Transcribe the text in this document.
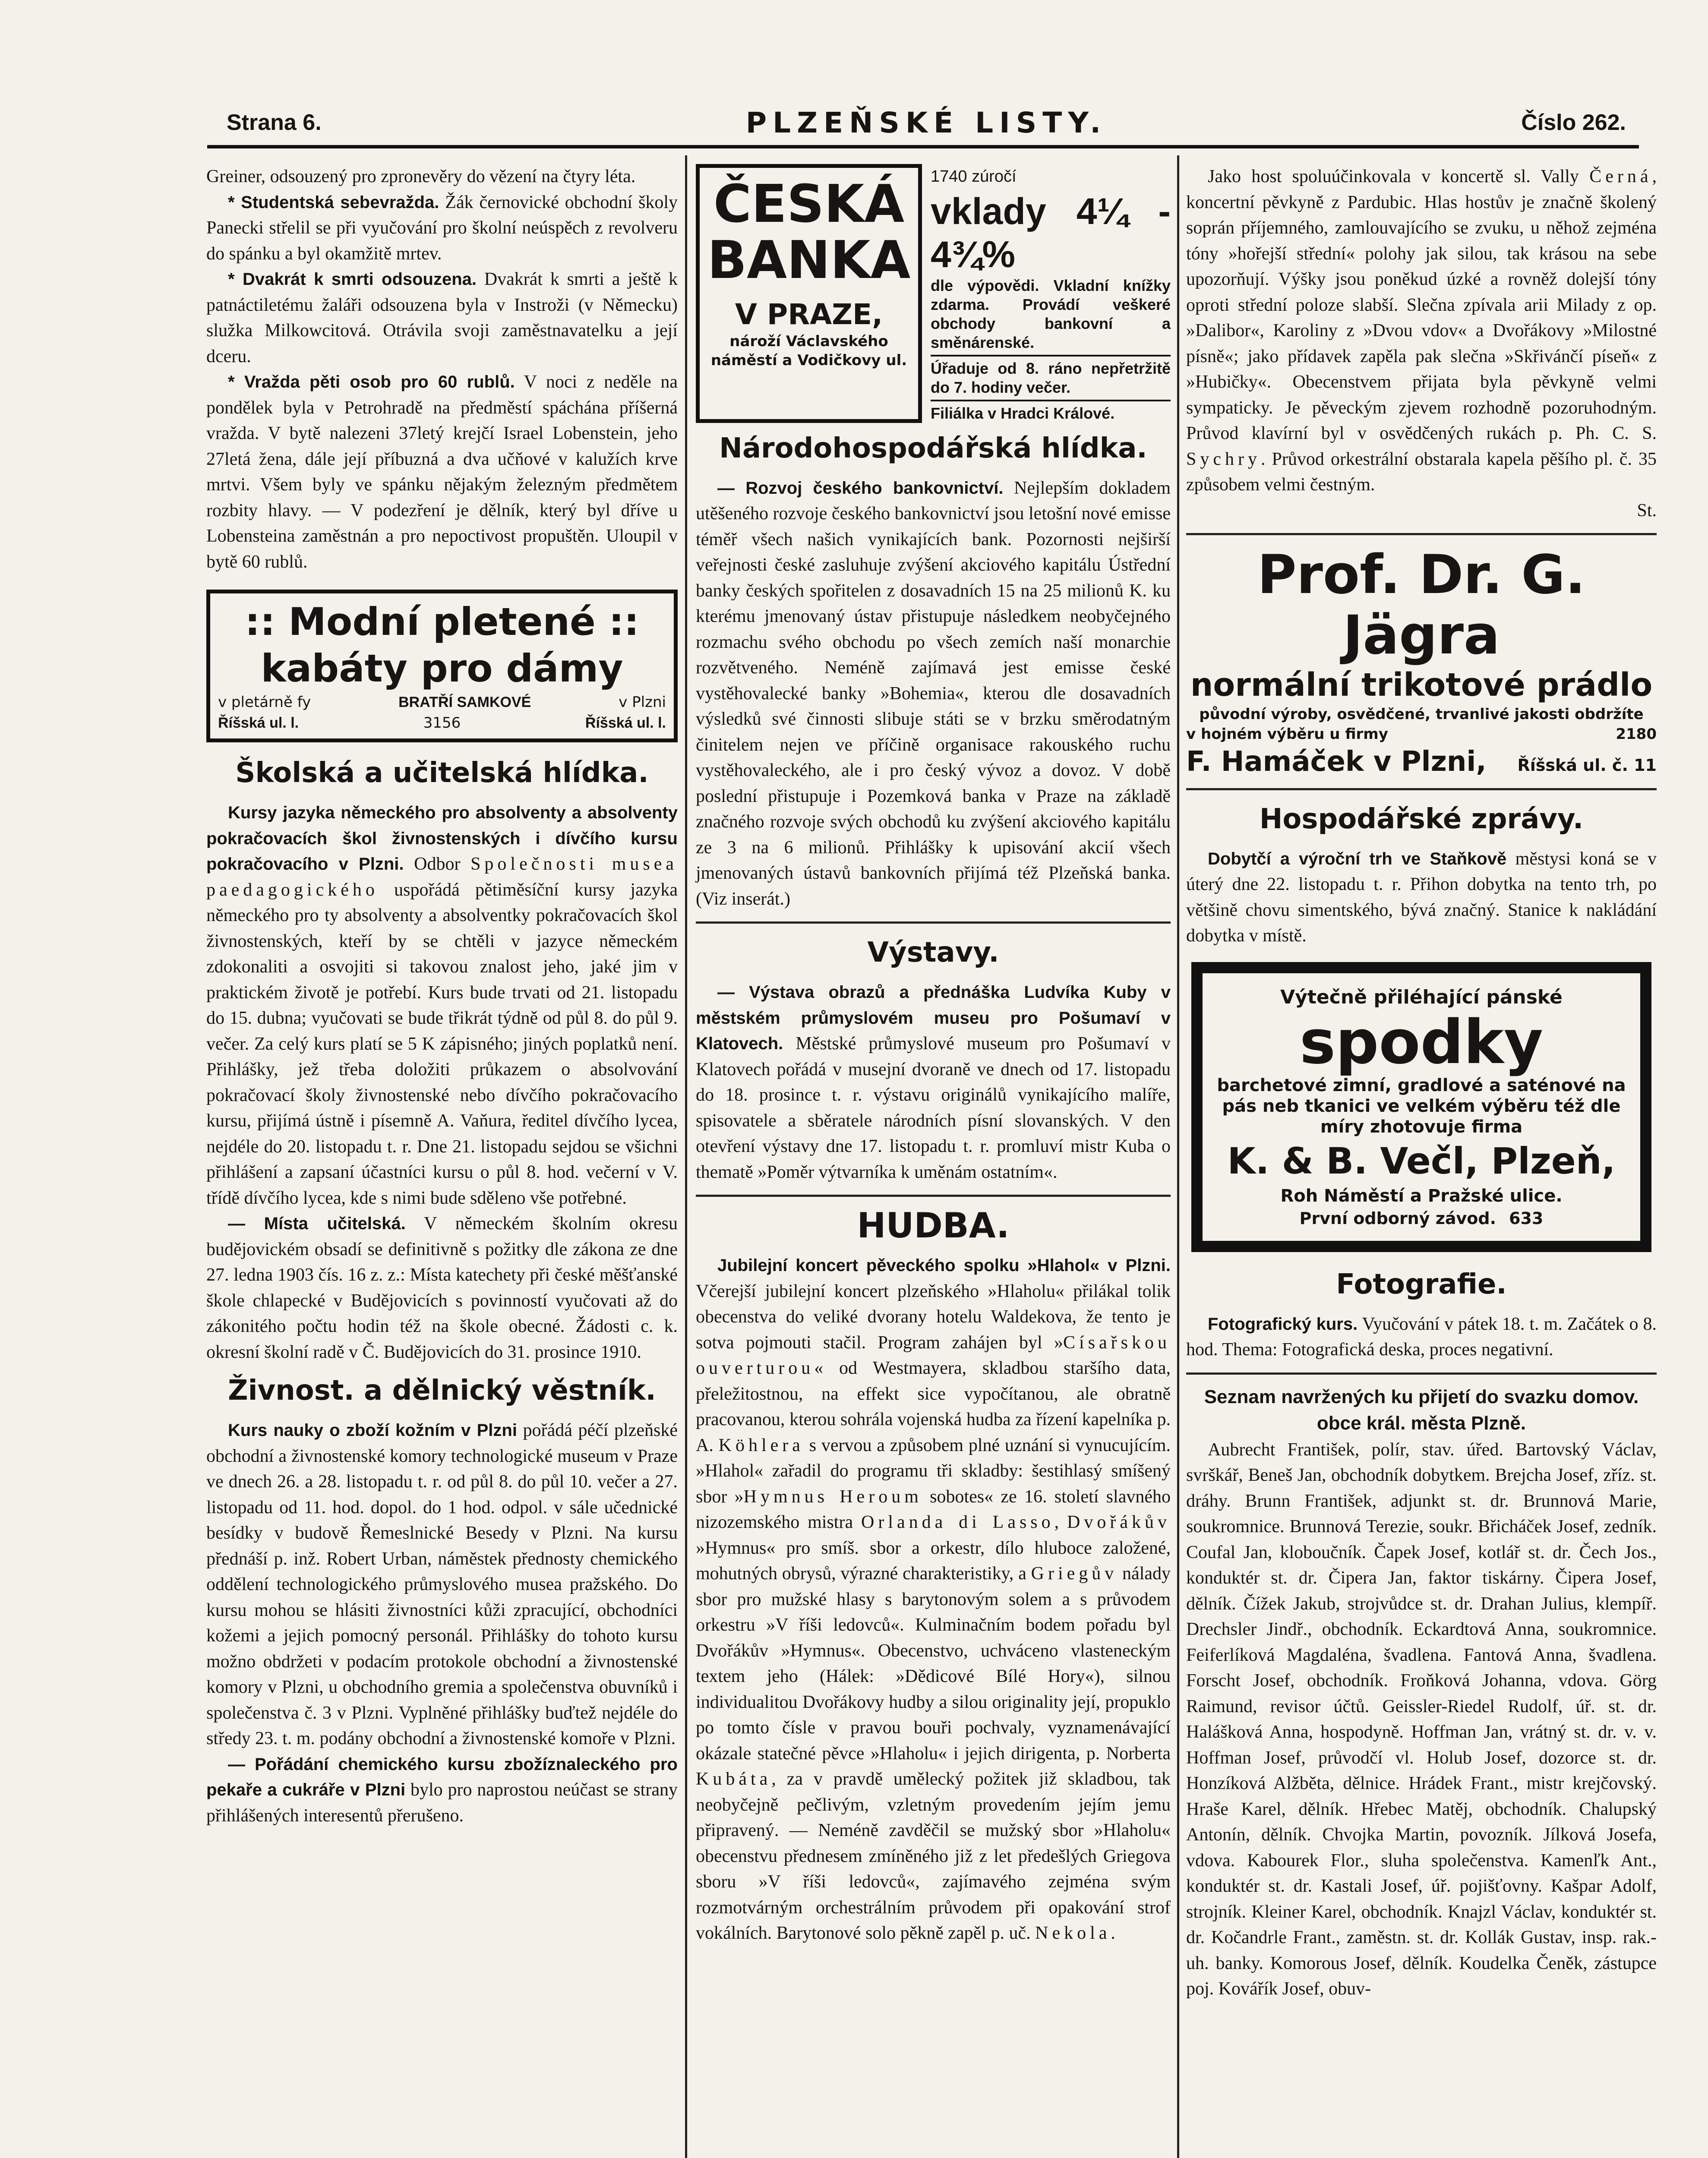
Strana 6.	PLZEŇSKÉ LISTY.	Číslo 262.

Greiner, odsouzený pro zpronevěry do vězení na čtyry léta.

* Studentská sebevražda. Žák černovické obchodní školy Panecki střelil se při vyučování pro školní neúspěch z revolveru do spánku a byl okamžitě mrtev.

* Dvakrát k smrti odsouzena. Dvakrát k smrti a ještě k patnáctiletému žaláři odsouzena byla v Instroži (v Německu) služka Milkowcitová. Otrávila svoji zaměstnavatelku a její dceru.

* Vražda pěti osob pro 60 rublů. V noci z neděle na pondělek byla v Petrohradě na předměstí spáchána příšerná vražda. V bytě nalezeni 37letý krejčí Israel Lobenstein, jeho 27letá žena, dále její příbuzná a dva učňové v kalužích krve mrtvi. Všem byly ve spánku nějakým železným předmětem rozbity hlavy. — V podezření je dělník, který byl dříve u Lobensteina zaměstnán a pro nepoctivost propuštěn. Uloupil v bytě 60 rublů.

:: Modní pletené ::
kabáty pro dámy
v pletárně fy	BRATŘÍ SAMKOVÉ	v Plzni
Říšská ul. l.	3156	Říšská ul. l.
Školská a učitelská hlídka.

Kursy jazyka německého pro absolventy a absolventy pokračovacích škol živnostenských i dívčího kursu pokračovacího v Plzni. Odbor Společnosti musea paedagogického uspořádá pětiměsíční kursy jazyka německého pro ty absolventy a absolventky pokračovacích škol živnostenských, kteří by se chtěli v jazyce německém zdokonaliti a osvojiti si takovou znalost jeho, jaké jim v praktickém životě je potřebí. Kurs bude trvati od 21. listopadu do 15. dubna; vyučovati se bude třikrát týdně od půl 8. do půl 9. večer. Za celý kurs platí se 5 K zápisného; jiných poplatků není. Přihlášky, jež třeba doložiti průkazem o absolvování pokračovací školy živnostenské nebo dívčího pokračovacího kursu, přijímá ústně i písemně A. Vaňura, ředitel dívčího lycea, nejdéle do 20. listopadu t. r. Dne 21. listopadu sejdou se všichni přihlášení a zapsaní účastníci kursu o půl 8. hod. večerní v V. třídě dívčího lycea, kde s nimi bude sděleno vše potřebné.

— Místa učitelská. V německém školním okresu budějovickém obsadí se definitivně s požitky dle zákona ze dne 27. ledna 1903 čís. 16 z. z.: Místa katechety při české měšťanské škole chlapecké v Budějovicích s povinností vyučovati až do zákonitého počtu hodin též na škole obecné. Žádosti c. k. okresní školní radě v Č. Budějovicích do 31. prosince 1910.

Živnost. a dělnický věstník.

Kurs nauky o zboží kožním v Plzni pořádá péčí plzeňské obchodní a živnostenské komory technologické museum v Praze ve dnech 26. a 28. listopadu t. r. od půl 8. do půl 10. večer a 27. listopadu od 11. hod. dopol. do 1 hod. odpol. v sále učednické besídky v budově Řemeslnické Besedy v Plzni. Na kursu přednáší p. inž. Robert Urban, náměstek přednosty chemického oddělení technologického průmyslového musea pražského. Do kursu mohou se hlásiti živnostníci kůži zpracující, obchodníci kožemi a jejich pomocný personál. Přihlášky do tohoto kursu možno obdržeti v podacím protokole obchodní a živnostenské komory v Plzni, u obchodního gremia a společenstva obuvníků i společenstva č. 3 v Plzni. Vyplněné přihlášky buďtež nejdéle do středy 23. t. m. podány obchodní a živnostenské komoře v Plzni.

— Pořádání chemického kursu zbožíznaleckého pro pekaře a cukráře v Plzni bylo pro naprostou neúčast se strany přihlášených interesentů přerušeno.

ČESKÁ
BANKA
V PRAZE,
nároží Václavského náměstí a Vodičkovy ul.
1740 zúročí
vklady 4¼ - 4¾%
dle výpovědi. Vkladní knížky zdarma. Provádí veškeré obchody bankovní a směnárenské.
Úřaduje od 8. ráno nepřetržitě do 7. hodiny večer.
Filiálka v Hradci Králové.
Národohospodářská hlídka.

— Rozvoj českého bankovnictví. Nejlepším dokladem utěšeného rozvoje českého bankovnictví jsou letošní nové emisse téměř všech našich vynikajících bank. Pozornosti nejširší veřejnosti české zasluhuje zvýšení akciového kapitálu Ústřední banky českých spořitelen z dosavadních 15 na 25 milionů K. ku kterému jmenovaný ústav přistupuje následkem neobyčejného rozmachu svého obchodu po všech zemích naší monarchie rozvětveného. Neméně zajímavá jest emisse české vystěhovalecké banky »Bohemia«, kterou dle dosavadních výsledků své činnosti slibuje státi se v brzku směrodatným činitelem nejen ve příčině organisace rakouského ruchu vystěhovaleckého, ale i pro český vývoz a dovoz. V době poslední přistupuje i Pozemková banka v Praze na základě značného rozvoje svých obchodů ku zvýšení akciového kapitálu ze 3 na 6 milionů. Přihlášky k upisování akcií všech jmenovaných ústavů bankovních přijímá též Plzeňská banka. (Viz inserát.)

Výstavy.

— Výstava obrazů a přednáška Ludvíka Kuby v městském průmyslovém museu pro Pošumaví v Klatovech. Městské průmyslové museum pro Pošumaví v Klatovech pořádá v musejní dvoraně ve dnech od 17. listopadu do 18. prosince t. r. výstavu originálů vynikajícího malíře, spisovatele a sběratele národních písní slovanských. V den otevření výstavy dne 17. listopadu t. r. promluví mistr Kuba o thematě »Poměr výtvarníka k uměnám ostatním«.

HUDBA.

Jubilejní koncert pěveckého spolku »Hlahol« v Plzni. Včerejší jubilejní koncert plzeňského »Hlaholu« přilákal tolik obecenstva do veliké dvorany hotelu Waldekova, že tento je sotva pojmouti stačil. Program zahájen byl »Císařskou ouverturou« od Westmayera, skladbou staršího data, přeležitostnou, na effekt sice vypočítanou, ale obratně pracovanou, kterou sohrála vojenská hudba za řízení kapelníka p. A. Köhlera s vervou a způsobem plné uznání si vynucujícím. »Hlahol« zařadil do programu tři skladby: šestihlasý smíšený sbor »Hymnus Heroum sobotes« ze 16. století slavného nizozemského mistra Orlanda di Lasso, Dvořákův »Hymnus« pro smíš. sbor a orkestr, dílo hluboce založené, mohutných obrysů, výrazné charakteristiky, a Griegův nálady sbor pro mužské hlasy s barytonovým solem a s průvodem orkestru »V říši ledovců«. Kulminačním bodem pořadu byl Dvořákův »Hymnus«. Obecenstvo, uchváceno vlasteneckým textem jeho (Hálek: »Dědicové Bílé Hory«), silnou individualitou Dvořákovy hudby a silou originality její, propuklo po tomto čísle v pravou bouři pochvaly, vyznamenávající okázale statečné pěvce »Hlaholu« i jejich dirigenta, p. Norberta Kubáta, za v pravdě umělecký požitek již skladbou, tak neobyčejně pečlivým, vzletným provedením jejím jemu připravený. — Neméně zavděčil se mužský sbor »Hlaholu« obecenstvu přednesem zmíněného již z let předešlých Griegova sboru »V říši ledovců«, zajímavého zejména svým rozmotvárným orchestrálním průvodem při opakování strof vokálních. Barytonové solo pěkně zapěl p. uč. Nekola.

Jako host spoluúčinkovala v koncertě sl. Vally Černá, koncertní pěvkyně z Pardubic. Hlas hostův je značně školený soprán příjemného, zamlouvajícího se zvuku, u něhož zejména tóny »hořejší střední« polohy jak silou, tak krásou na sebe upozorňují. Výšky jsou poněkud úzké a rovněž dolejší tóny oproti střední poloze slabší. Slečna zpívala arii Milady z op. »Dalibor«, Karoliny z »Dvou vdov« a Dvořákovy »Milostné písně«; jako přídavek zapěla pak slečna »Skřivánčí píseň« z »Hubičky«. Obecenstvem přijata byla pěvkyně velmi sympaticky. Je pěveckým zjevem rozhodně pozoruhodným. Průvod klavírní byl v osvědčených rukách p. Ph. C. S. Sychry. Průvod orkestrální obstarala kapela pěšího pl. č. 35 způsobem velmi čestným.

St.

Prof. Dr. G. Jägra
normální trikotové prádlo
původní výroby, osvědčené, trvanlivé jakosti obdržíte
v hojném výběru u firmy	2180
F. Hamáček v Plzni, Říšská ul. č. 11
Hospodářské zprávy.

Dobytčí a výroční trh ve Staňkově městysi koná se v úterý dne 22. listopadu t. r. Přihon dobytka na tento trh, po většině chovu simentského, bývá značný. Stanice k nakládání dobytka v místě.

Výtečně přiléhající pánské
spodky
barchetové zimní, gradlové a saténové na pás neb tkanici ve velkém výběru též dle míry zhotovuje firma
K. & B. Večl, Plzeň,
Roh Náměstí a Pražské ulice.
První odborný závod. 633
Fotografie.

Fotografický kurs. Vyučování v pátek 18. t. m. Začátek o 8. hod. Thema: Fotografická deska, proces negativní.

Seznam navržených ku přijetí do svazku domov. obce král. města Plzně.

Aubrecht František, polír, stav. úřed. Bartovský Václav, svrškář, Beneš Jan, obchodník dobytkem. Brejcha Josef, zříz. st. dráhy. Brunn František, adjunkt st. dr. Brunnová Marie, soukromnice. Brunnová Terezie, soukr. Břicháček Josef, zedník. Coufal Jan, kloboučník. Čapek Josef, kotlář st. dr. Čech Jos., konduktér st. dr. Čipera Jan, faktor tiskárny. Čipera Josef, dělník. Čížek Jakub, strojvůdce st. dr. Drahan Julius, klempíř. Drechsler Jindř., obchodník. Eckardtová Anna, soukromnice. Feiferlíková Magdaléna, švadlena. Fantová Anna, švadlena. Forscht Josef, obchodník. Froňková Johanna, vdova. Görg Raimund, revisor účtů. Geissler-Riedel Rudolf, úř. st. dr. Halášková Anna, hospodyně. Hoffman Jan, vrátný st. dr. v. v. Hoffman Josef, průvodčí vl. Holub Josef, dozorce st. dr. Honzíková Alžběta, dělnice. Hrádek Frant., mistr krejčovský. Hraše Karel, dělník. Hřebec Matěj, obchodník. Chalupský Antonín, dělník. Chvojka Martin, povozník. Jílková Josefa, vdova. Kabourek Flor., sluha společenstva. Kamenľk Ant., konduktér st. dr. Kastali Josef, úř. pojišťovny. Kašpar Adolf, strojník. Kleiner Karel, obchodník. Knajzl Václav, konduktér st. dr. Kočandrle Frant., zaměstn. st. dr. Kollák Gustav, insp. rak.-uh. banky. Komorous Josef, dělník. Koudelka Čeněk, zástupce poj. Kovářík Josef, obuv-
